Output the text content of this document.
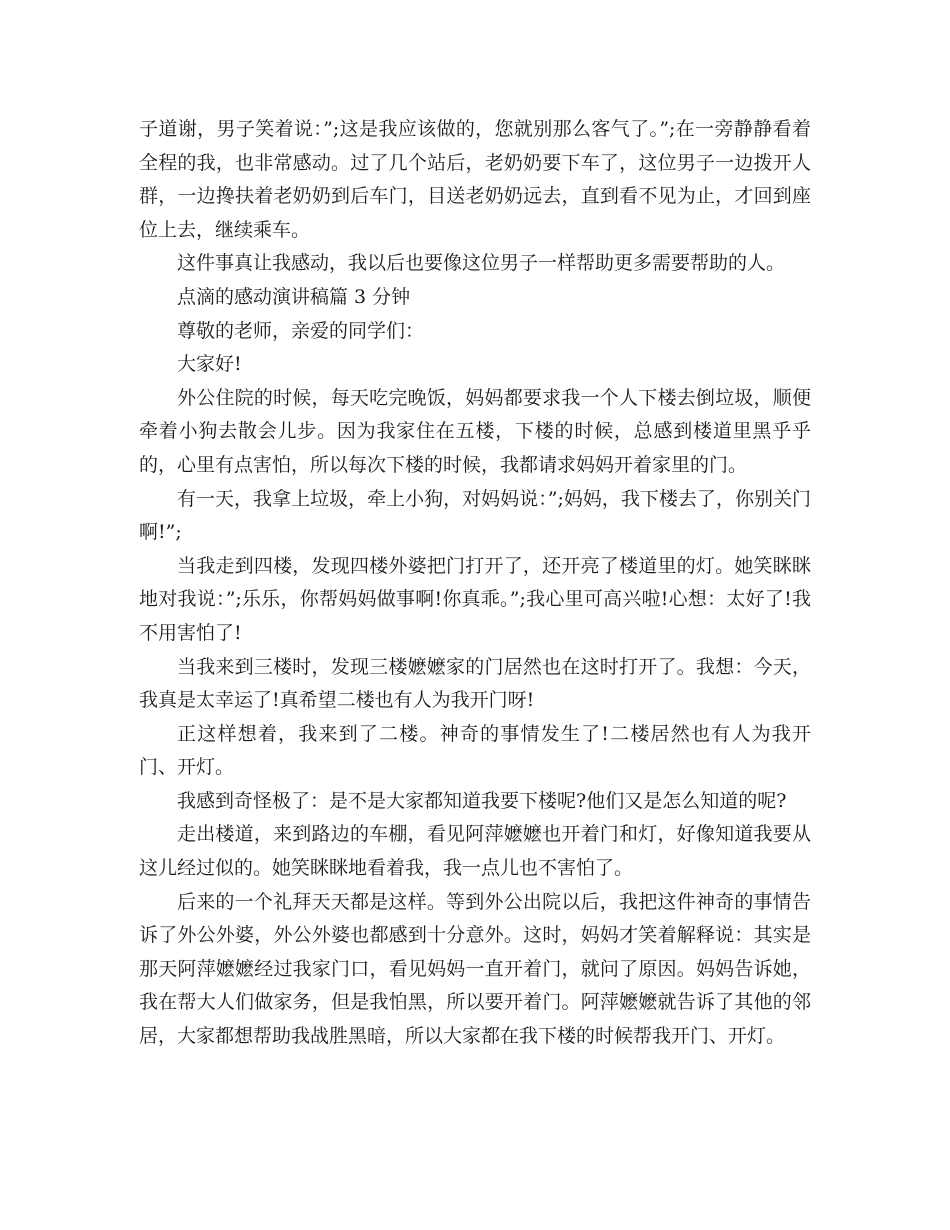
子道谢，男子笑着说：”;这是我应该做的，您就别那么客气了。”;在一旁静静看着全程的我，也非常感动。过了几个站后，老奶奶要下车了，这位男子一边拨开人群，一边搀扶着老奶奶到后车门，目送老奶奶远去，直到看不见为止，才回到座位上去，继续乘车。

这件事真让我感动，我以后也要像这位男子一样帮助更多需要帮助的人。

点滴的感动演讲稿篇 3 分钟

尊敬的老师，亲爱的同学们：

大家好!

外公住院的时候，每天吃完晚饭，妈妈都要求我一个人下楼去倒垃圾，顺便牵着小狗去散会儿步。因为我家住在五楼，下楼的时候，总感到楼道里黑乎乎的，心里有点害怕，所以每次下楼的时候，我都请求妈妈开着家里的门。

有一天，我拿上垃圾，牵上小狗，对妈妈说：”;妈妈，我下楼去了，你别关门啊!”;

当我走到四楼，发现四楼外婆把门打开了，还开亮了楼道里的灯。她笑眯眯地对我说：”;乐乐，你帮妈妈做事啊!你真乖。”;我心里可高兴啦!心想：太好了!我不用害怕了!

当我来到三楼时，发现三楼嬷嬷家的门居然也在这时打开了。我想：今天，我真是太幸运了!真希望二楼也有人为我开门呀!

正这样想着，我来到了二楼。神奇的事情发生了!二楼居然也有人为我开门、开灯。

我感到奇怪极了：是不是大家都知道我要下楼呢?他们又是怎么知道的呢?

走出楼道，来到路边的车棚，看见阿萍嬷嬷也开着门和灯，好像知道我要从这儿经过似的。她笑眯眯地看着我，我一点儿也不害怕了。

后来的一个礼拜天天都是这样。等到外公出院以后，我把这件神奇的事情告诉了外公外婆，外公外婆也都感到十分意外。这时，妈妈才笑着解释说：其实是那天阿萍嬷嬷经过我家门口，看见妈妈一直开着门，就问了原因。妈妈告诉她，我在帮大人们做家务，但是我怕黑，所以要开着门。阿萍嬷嬷就告诉了其他的邻居，大家都想帮助我战胜黑暗，所以大家都在我下楼的时候帮我开门、开灯。
